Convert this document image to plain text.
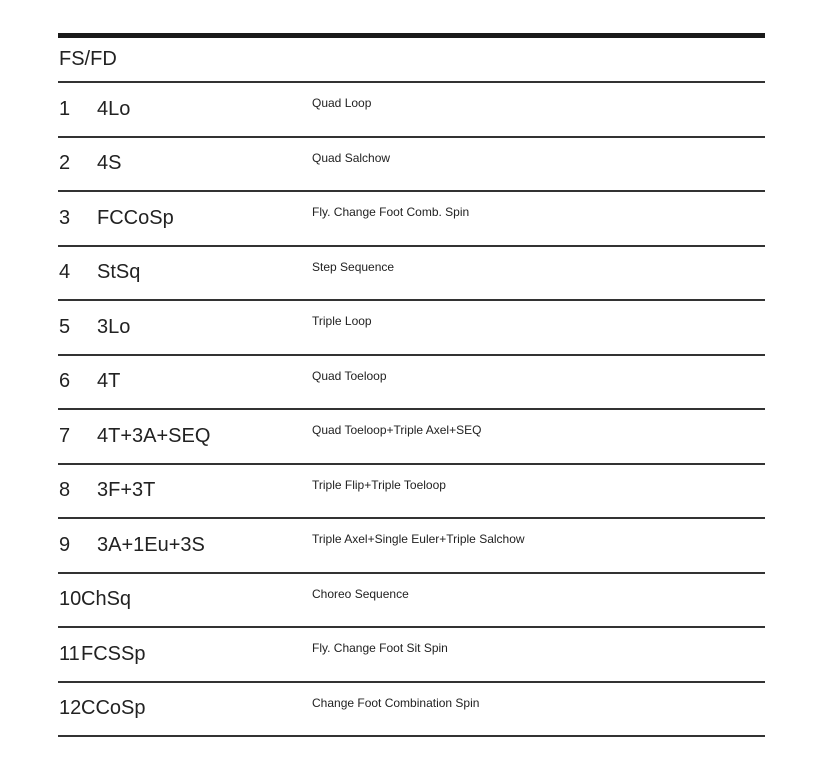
FS/FD
1	4Lo	Quad Loop
2	4S	Quad Salchow
3	FCCoSp	Fly. Change Foot Comb. Spin
4	StSq	Step Sequence
5	3Lo	Triple Loop
6	4T	Quad Toeloop
7	4T+3A+SEQ	Quad Toeloop+Triple Axel+SEQ
8	3F+3T	Triple Flip+Triple Toeloop
9	3A+1Eu+3S	Triple Axel+Single Euler+Triple Salchow
10 ChSq	Choreo Sequence
11 FCSSp	Fly. Change Foot Sit Spin
12 CCoSp	Change Foot Combination Spin
